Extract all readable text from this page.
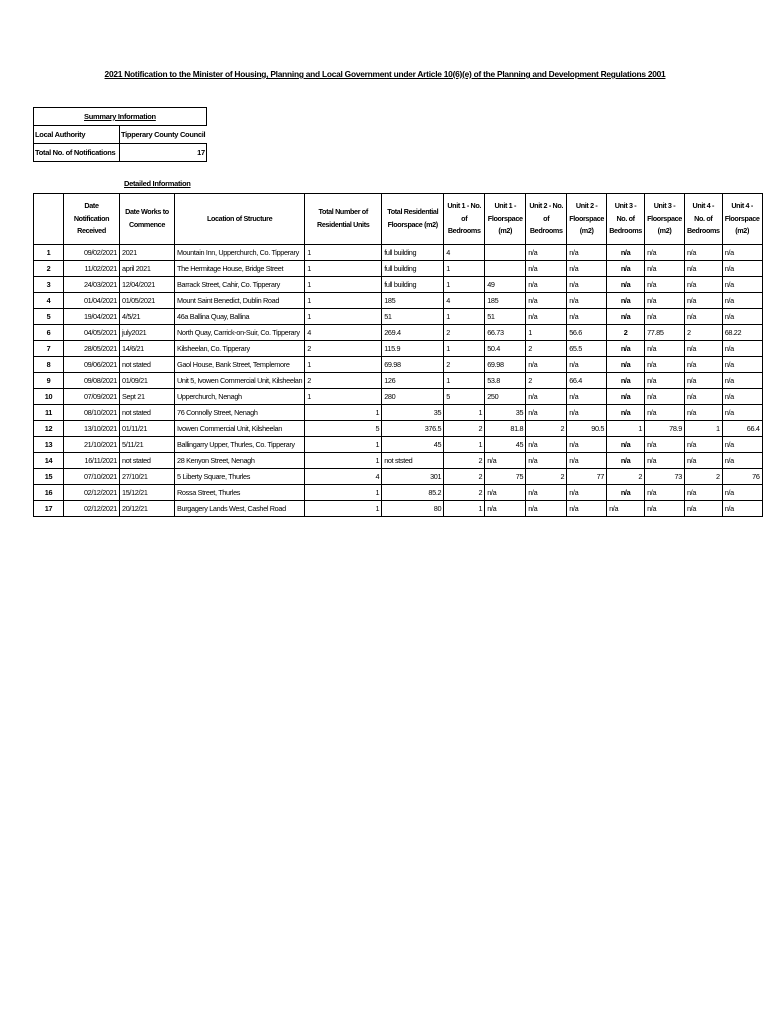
2021 Notification to the Minister of Housing, Planning and Local Government under Article 10(6)(e) of the Planning and Development Regulations 2001
Summary Information	
Local Authority	Tipperary County Council
Total No. of Notifications	17
Detailed Information
	Date Notification Received	Date Works to Commence	Location of Structure	Total Number of Residential Units	Total Residential Floorspace (m2)	Unit 1 - No. of Bedrooms	Unit 1 - Floorspace (m2)	Unit 2 - No. of Bedrooms	Unit 2 - Floorspace (m2)	Unit 3 - No. of Bedrooms	Unit 3 - Floorspace (m2)	Unit 4 - No. of Bedrooms	Unit 4 - Floorspace (m2)
1	09/02/2021	2021	Mountain Inn, Upperchurch, Co. Tipperary	1	full building	4		n/a	n/a	n/a	n/a	n/a	n/a
2	11/02/2021	april 2021	The Hermitage House, Bridge Street	1	full building	1		n/a	n/a	n/a	n/a	n/a	n/a
3	24/03/2021	12/04/2021	Barrack Street, Cahir, Co. Tipperary	1	full building	1	49	n/a	n/a	n/a	n/a	n/a	n/a
4	01/04/2021	01/05/2021	Mount Saint Benedict, Dublin Road	1	185	4	185	n/a	n/a	n/a	n/a	n/a	n/a
5	19/04/2021	4/5/21	46a Ballina Quay, Ballina	1	51	1	51	n/a	n/a	n/a	n/a	n/a	n/a
6	04/05/2021	july2021	North Quay, Carrick-on-Suir, Co. Tipperary	4	269.4	2	66.73	1	56.6	2	77.85	2	68.22
7	28/05/2021	14/6/21	Kilsheelan, Co. Tipperary	2	115.9	1	50.4	2	65.5	n/a	n/a	n/a	n/a
8	09/06/2021	not stated	Gaol House, Bank Street, Templemore	1	69.98	2	69.98	n/a	n/a	n/a	n/a	n/a	n/a
9	09/08/2021	01/09/21	Unit 5, Ivowen Commercial Unit, Kilsheelan	2	126	1	53.8	2	66.4	n/a	n/a	n/a	n/a
10	07/09/2021	Sept 21	Upperchurch, Nenagh	1	280	5	250	n/a	n/a	n/a	n/a	n/a	n/a
11	08/10/2021	not stated	76 Connolly Street, Nenagh	1	35	1	35	n/a	n/a	n/a	n/a	n/a	n/a
12	13/10/2021	01/11/21	Ivowen Commercial Unit, Kilsheelan	5	376.5	2	81.8	2	90.5	1	78.9	1	66.4
13	21/10/2021	5/11/21	Ballingarry Upper, Thurles, Co. Tipperary	1	45	1	45	n/a	n/a	n/a	n/a	n/a	n/a
14	16/11/2021	not stated	28 Kenyon Street, Nenagh	1	not ststed	2	n/a	n/a	n/a	n/a	n/a	n/a	n/a
15	07/10/2021	27/10/21	5 Liberty Square, Thurles	4	301	2	75	2	77	2	73	2	76
16	02/12/2021	15/12/21	Rossa Street, Thurles	1	85.2	2	n/a	n/a	n/a	n/a	n/a	n/a	n/a
17	02/12/2021	20/12/21	Burgagery Lands West, Cashel Road	1	80	1	n/a	n/a	n/a	n/a	n/a	n/a	n/a
